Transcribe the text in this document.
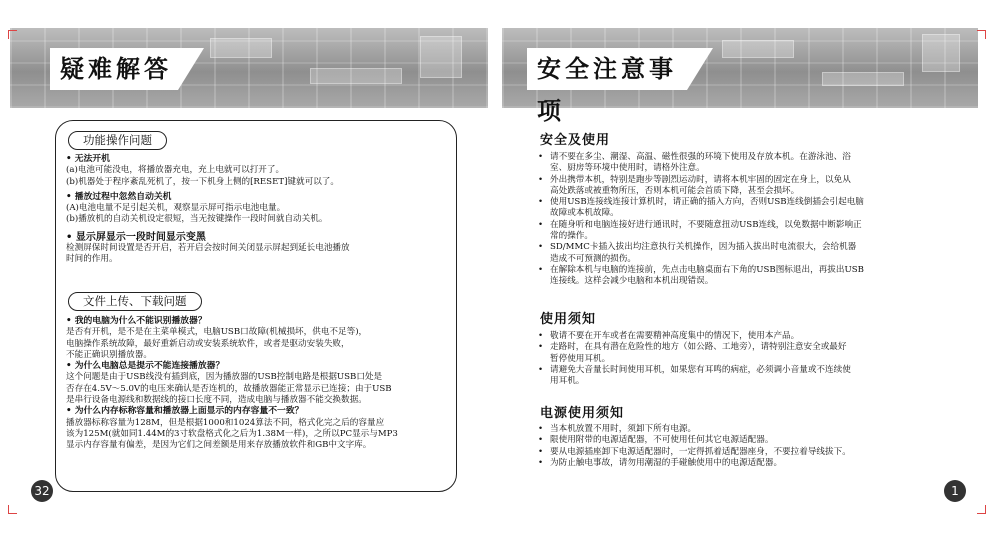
疑难解答
功能操作问题
• 无法开机
(a)电池可能没电，将播放器充电，充上电就可以打开了。
(b)机器处于程序紊乱死机了，按一下机身上侧的[RESET]键就可以了。
• 播放过程中忽然自动关机
(A)电池电量不足引起关机，观察显示屏可指示电池电量。
(b)播放机的自动关机设定很短，当无按键操作一段时间就自动关机。
• 显示屏显示一段时间显示变黑
检测屏保时间设置是否开启，若开启会按时间关闭显示屏起到延长电池播放
时间的作用。
文件上传、下载问题
• 我的电脑为什么不能识别播放器？
是否有开机，是不是在主菜单模式，电脑USB口故障(机械损坏，供电不足等)，
电脑操作系统故障，最好重新启动或安装系统软件，或者是驱动安装失败，
不能正确识别播放器。
• 为什么电脑总是提示不能连接播放器？
这个问题是由于USB线没有插到底，因为播放器的USB控制电路是根据USB口处是
否存在4.5V～5.0V的电压来确认是否连机的，故播放器能正常显示已连接；由于USB
是串行设备电源线和数据线的接口长度不同，造成电脑与播放器不能交换数据。
• 为什么内存标称容量和播放器上面显示的内存容量不一致？
播放器标称容量为128M，但是根据1000和1024算法不同，格式化完之后的容量应
该为125M(就如同1.44M的3寸软盘格式化之后为1.38M一样)，之所以PC显示与MP3
显示内存容量有偏差，是因为它们之间差额是用来存放播放软件和GB中文字库。
32
安全注意事项
安全及使用
• 请不要在多尘、潮湿、高温、磁性很强的环境下使用及存放本机。在游泳池、浴
室、厨房等环境中使用时，请格外注意。
• 外出携带本机，特别是跑步等剧烈运动时，请将本机牢固的固定在身上，以免从
高处跌落或被重物所压，否则本机可能会首质下降，甚至会损坏。
• 使用USB连接线连接计算机时，请正确的插入方向，否则USB连线倒插会引起电脑
故障或本机故障。
• 在随身听和电脑连接好进行通讯时，不要随意扭动USB连线，以免数据中断影响正
常的操作。
• SD/MMC卡插入拔出均注意执行关机操作，因为插入拔出时电流很大，会给机器
造成不可预测的损伤。
• 在解除本机与电脑的连接前，先点击电脑桌面右下角的USB图标退出，再拔出USB
连接线。这样会减少电脑和本机出现错误。
使用须知
• 敬请不要在开车或者在需要精神高度集中的情况下，使用本产品。
• 走路时，在具有潜在危险性的地方（如公路、工地旁），请特别注意安全或最好
暂停使用耳机。
• 请避免大音量长时间使用耳机，如果您有耳鸣的病症，必须调小音量或不连续使
用耳机。
电源使用须知
• 当本机放置不用时，须卸下所有电源。
• 限使用附带的电源适配器，不可使用任何其它电源适配器。
• 要从电源插座卸下电源适配器时，一定得抓着适配器座身，不要拉着导线拔下。
• 为防止触电事故，请勿用潮湿的手碰触使用中的电源适配器。
1
